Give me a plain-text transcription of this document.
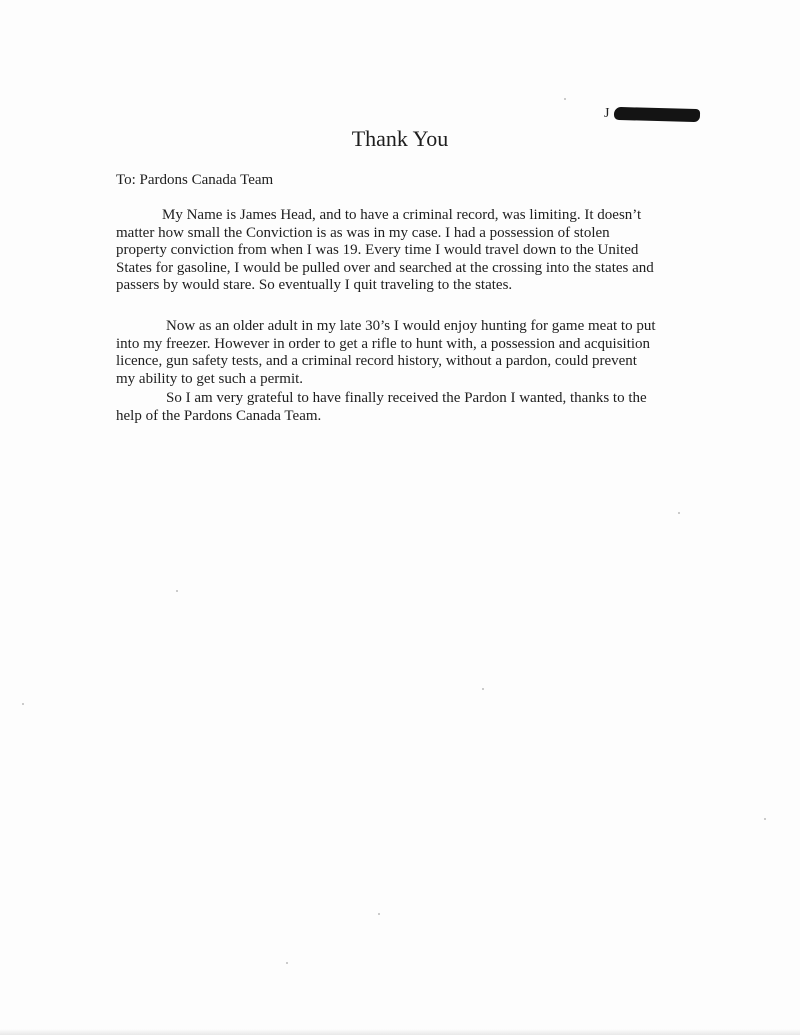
J
Thank You
To: Pardons Canada Team
My Name is James Head, and to have a criminal record, was limiting. It doesn’t
matter how small the Conviction is as was in my case. I had a possession of stolen
property conviction from when I was 19. Every time I would travel down to the United
States for gasoline, I would be pulled over and searched at the crossing into the states and
passers by would stare. So eventually I quit traveling to the states.
Now as an older adult in my late 30’s I would enjoy hunting for game meat to put
into my freezer. However in order to get a rifle to hunt with, a possession and acquisition
licence, gun safety tests, and a criminal record history, without a pardon, could prevent
my ability to get such a permit.
So I am very grateful to have finally received the Pardon I wanted, thanks to the
help of the Pardons Canada Team.
